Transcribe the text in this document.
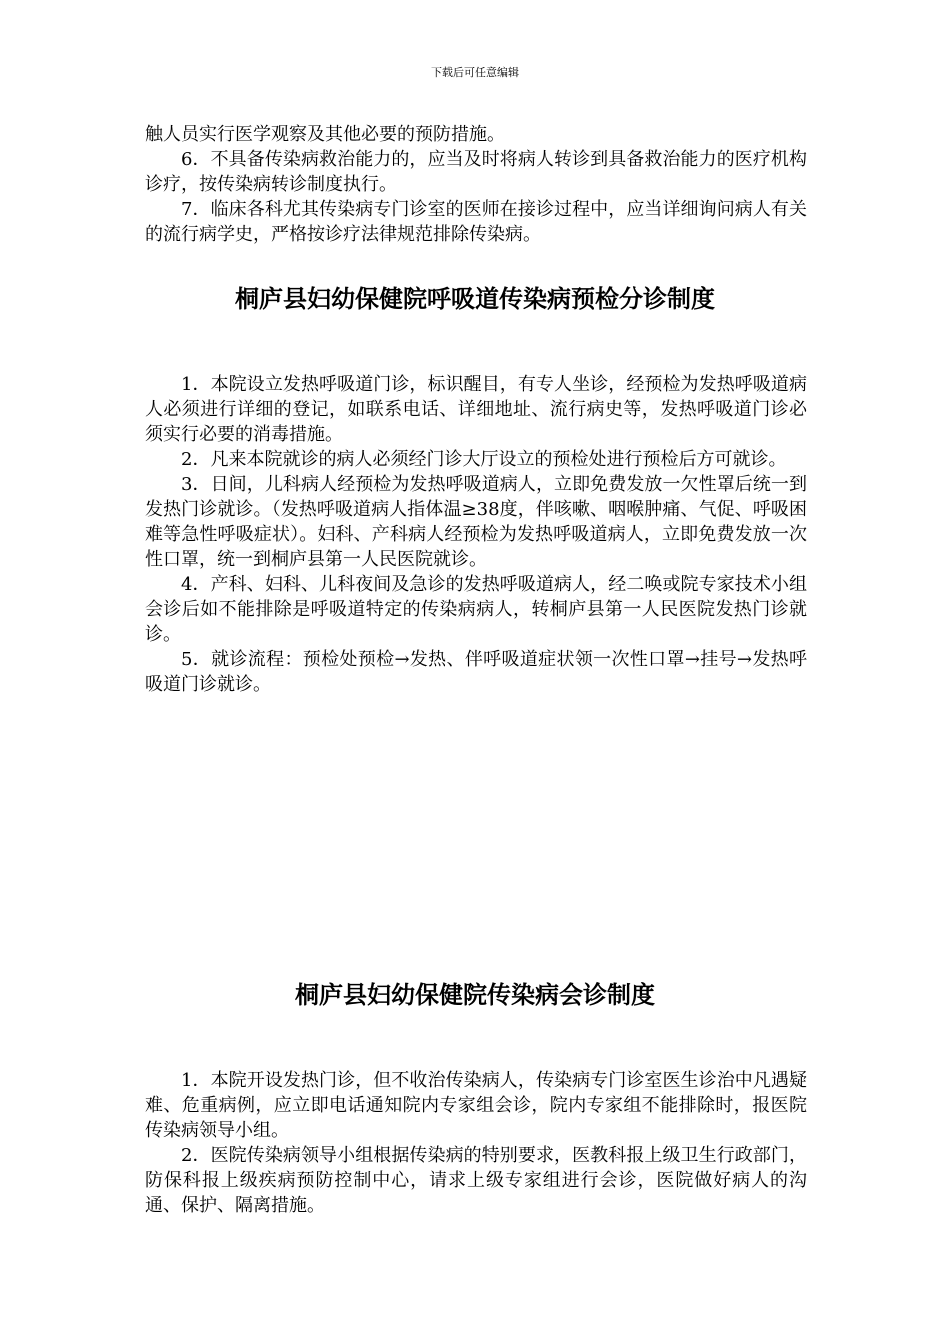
下载后可任意编辑

触人员实行医学观察及其他必要的预防措施。

6．不具备传染病救治能力的，应当及时将病人转诊到具备救治能力的医疗机构诊疗，按传染病转诊制度执行。

7．临床各科尤其传染病专门诊室的医师在接诊过程中，应当详细询问病人有关的流行病学史，严格按诊疗法律规范排除传染病。

桐庐县妇幼保健院呼吸道传染病预检分诊制度

1．本院设立发热呼吸道门诊，标识醒目，有专人坐诊，经预检为发热呼吸道病人必须进行详细的登记，如联系电话、详细地址、流行病史等，发热呼吸道门诊必须实行必要的消毒措施。

2．凡来本院就诊的病人必须经门诊大厅设立的预检处进行预检后方可就诊。

3．日间，儿科病人经预检为发热呼吸道病人，立即免费发放一欠性罩后统一到发热门诊就诊。（发热呼吸道病人指体温≥38度，伴咳嗽、咽喉肿痛、气促、呼吸困难等急性呼吸症状）。妇科、产科病人经预检为发热呼吸道病人，立即免费发放一次性口罩，统一到桐庐县第一人民医院就诊。

4．产科、妇科、儿科夜间及急诊的发热呼吸道病人，经二唤或院专家技术小组会诊后如不能排除是呼吸道特定的传染病病人，转桐庐县第一人民医院发热门诊就诊。

5．就诊流程：预检处预检→发热、伴呼吸道症状领一次性口罩→挂号→发热呼吸道门诊就诊。

桐庐县妇幼保健院传染病会诊制度

1．本院开设发热门诊，但不收治传染病人，传染病专门诊室医生诊治中凡遇疑难、危重病例，应立即电话通知院内专家组会诊，院内专家组不能排除时，报医院传染病领导小组。

2．医院传染病领导小组根据传染病的特别要求，医教科报上级卫生行政部门，防保科报上级疾病预防控制中心，请求上级专家组进行会诊，医院做好病人的沟通、保护、隔离措施。
